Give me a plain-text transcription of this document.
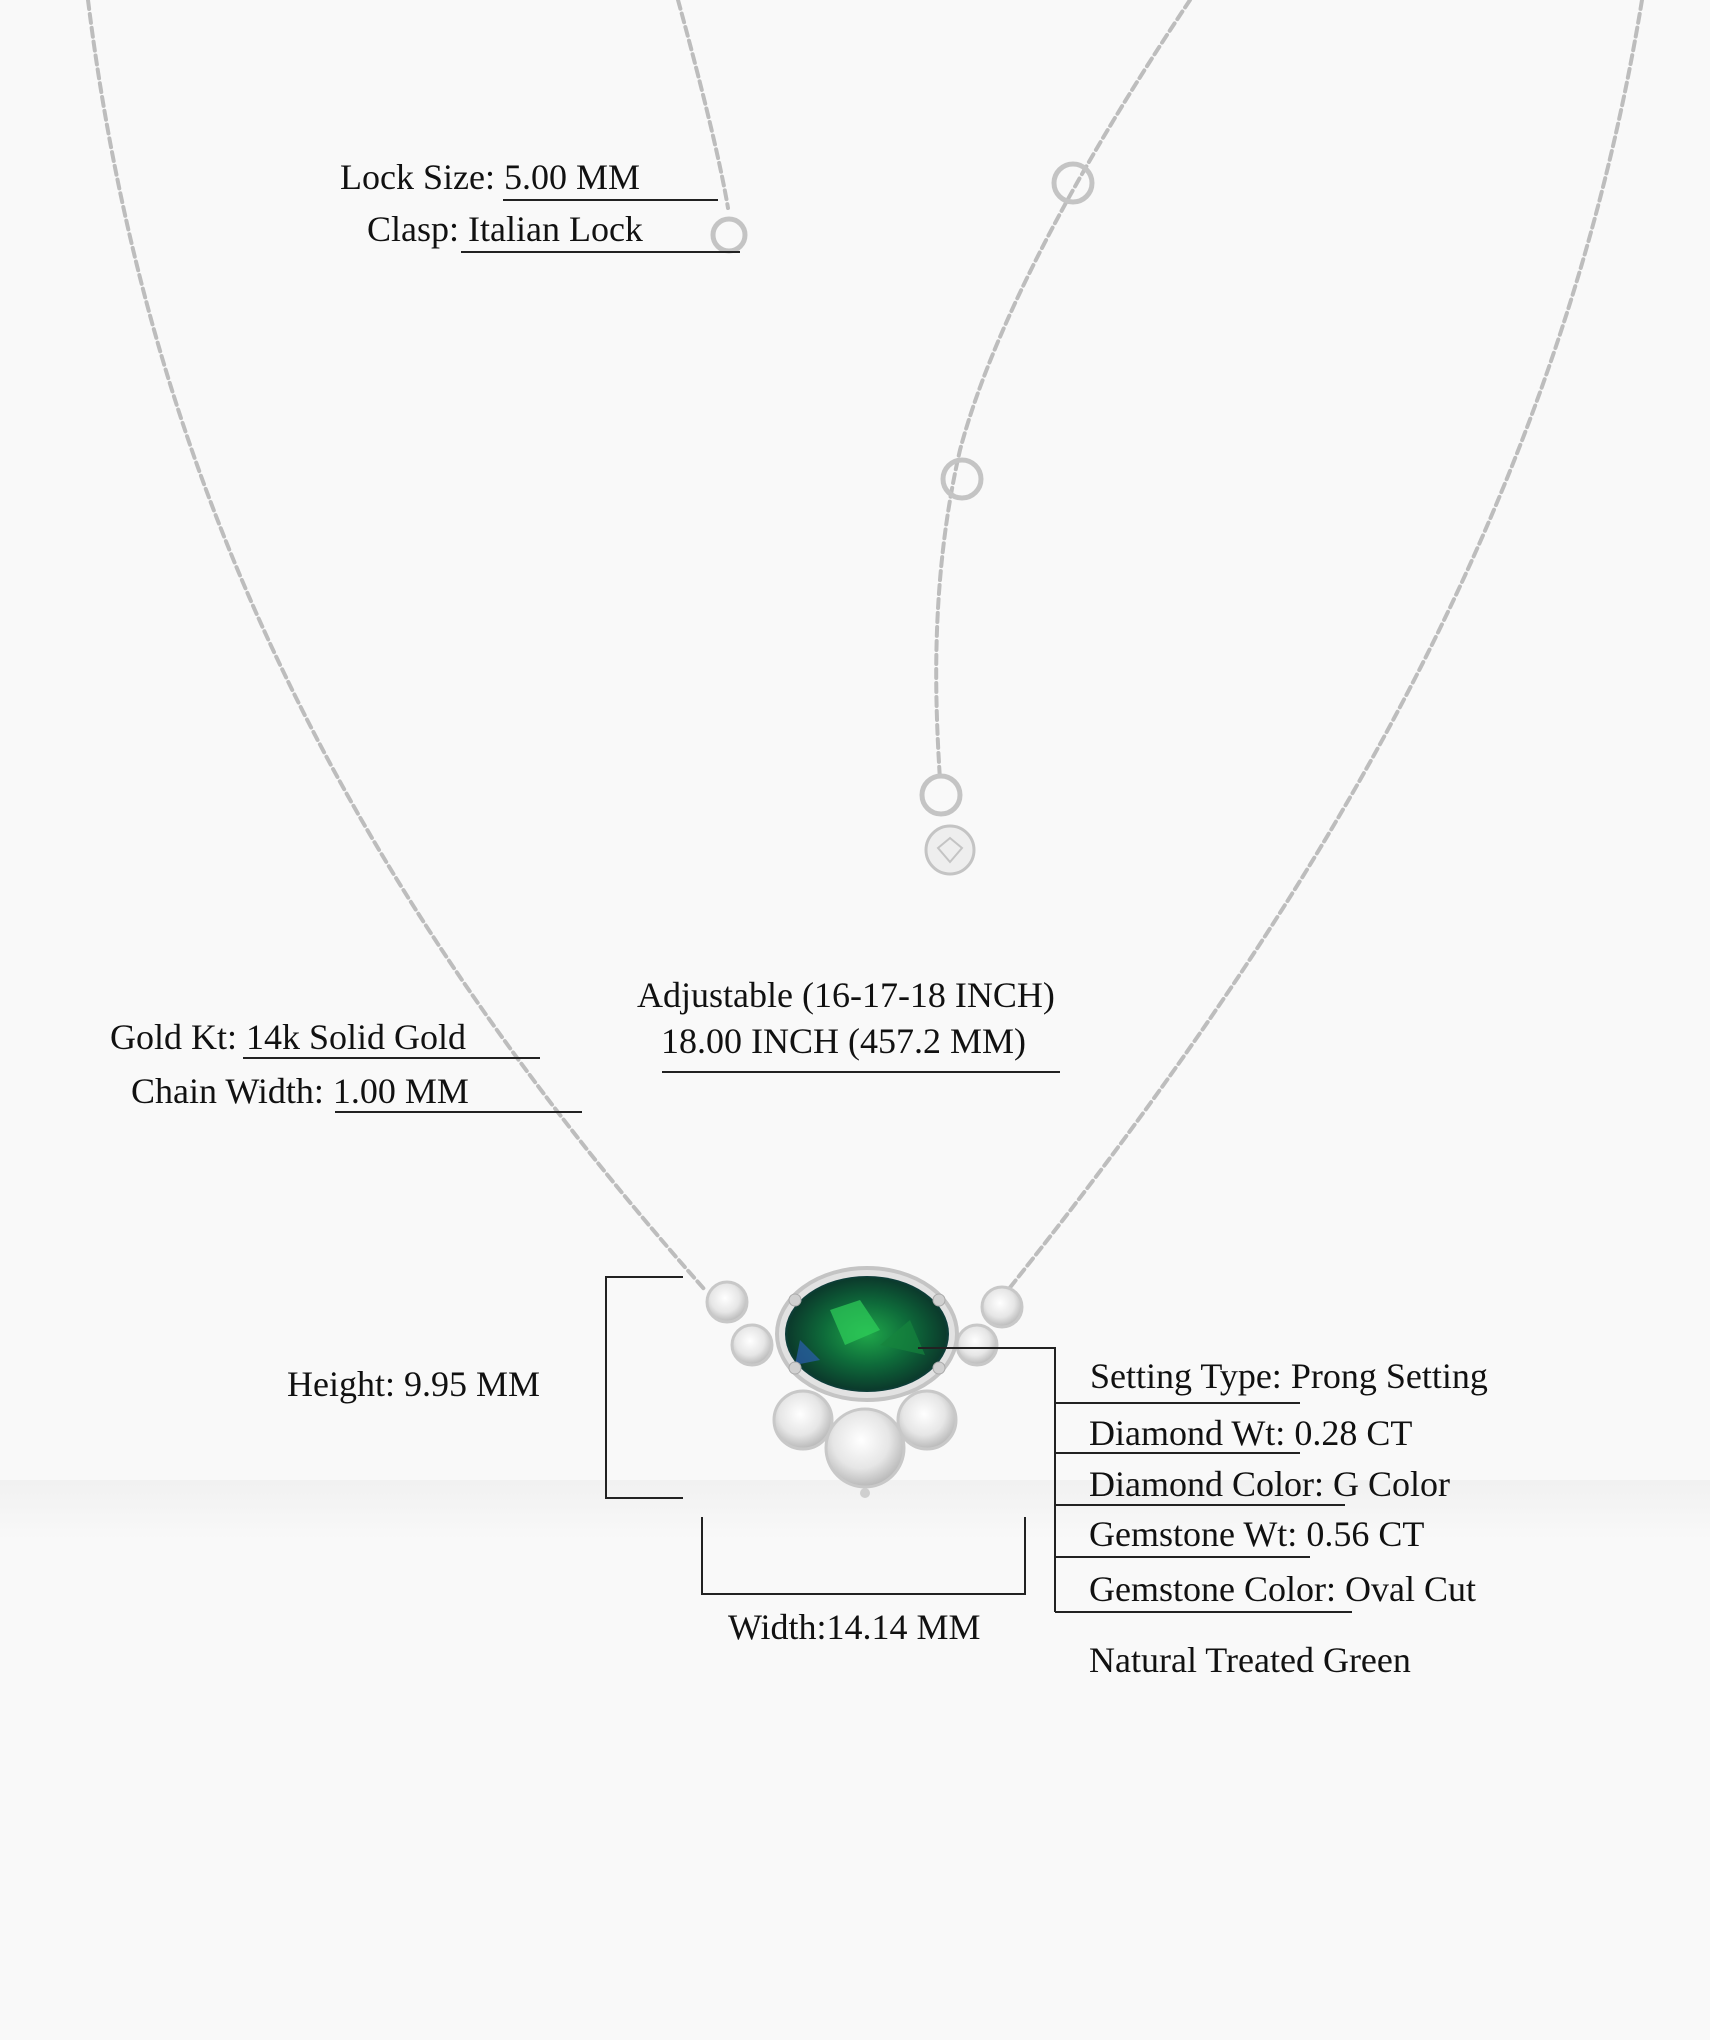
Lock Size: 5.00 MM
Clasp: Italian Lock
Adjustable (16-17-18 INCH)
18.00 INCH (457.2 MM)
Gold Kt: 14k Solid Gold
Chain Width: 1.00 MM
Height: 9.95 MM
Width:14.14 MM
Setting Type: Prong Setting
Diamond Wt: 0.28 CT
Diamond Color: G Color
Gemstone Wt: 0.56 CT
Gemstone Color: Oval Cut
Natural Treated Green
